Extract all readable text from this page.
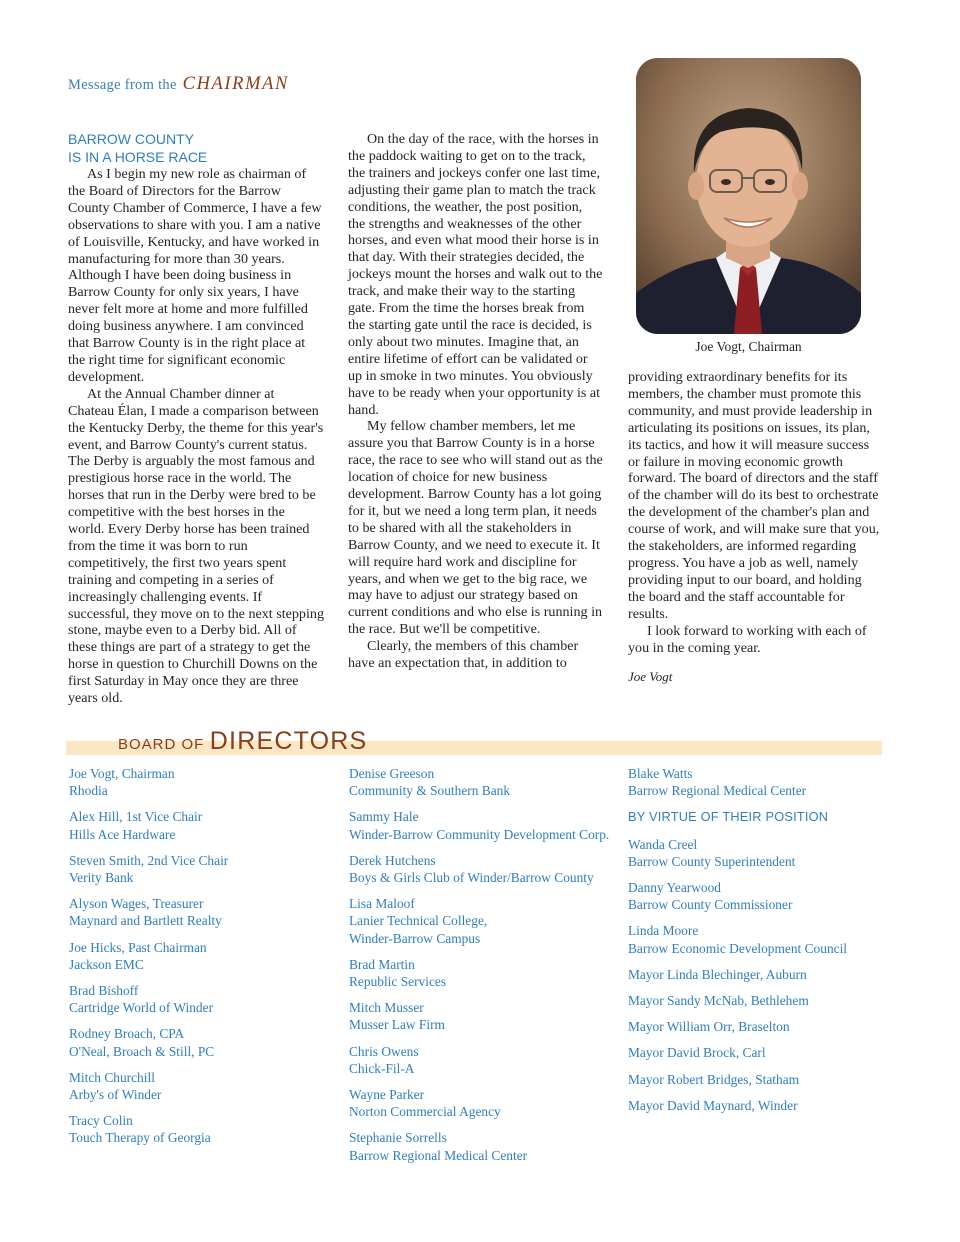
Message from the CHAIRMAN
BARROW COUNTY
IS IN A HORSE RACE

As I begin my new role as chairman of the Board of Directors for the Barrow County Chamber of Commerce, I have a few observations to share with you. I am a native of Louisville, Kentucky, and have worked in manufacturing for more than 30 years. Although I have been doing business in Barrow County for only six years, I have never felt more at home and more fulfilled doing business anywhere. I am convinced that Barrow County is in the right place at the right time for significant economic development.

At the Annual Chamber dinner at Chateau Élan, I made a comparison between the Kentucky Derby, the theme for this year's event, and Barrow County's current status. The Derby is arguably the most famous and prestigious horse race in the world. The horses that run in the Derby were bred to be competitive with the best horses in the world. Every Derby horse has been trained from the time it was born to run competitively, the first two years spent training and competing in a series of increasingly challenging events. If successful, they move on to the next stepping stone, maybe even to a Derby bid. All of these things are part of a strategy to get the horse in question to Churchill Downs on the first Saturday in May once they are three years old.

On the day of the race, with the horses in the paddock waiting to get on to the track, the trainers and jockeys confer one last time, adjusting their game plan to match the track conditions, the weather, the post position, the strengths and weaknesses of the other horses, and even what mood their horse is in that day. With their strategies decided, the jockeys mount the horses and walk out to the track, and make their way to the starting gate. From the time the horses break from the starting gate until the race is decided, is only about two minutes. Imagine that, an entire lifetime of effort can be validated or up in smoke in two minutes. You obviously have to be ready when your opportunity is at hand.

My fellow chamber members, let me assure you that Barrow County is in a horse race, the race to see who will stand out as the location of choice for new business development. Barrow County has a lot going for it, but we need a long term plan, it needs to be shared with all the stakeholders in Barrow County, and we need to execute it. It will require hard work and discipline for years, and when we get to the big race, we may have to adjust our strategy based on current conditions and who else is running in the race. But we'll be competitive.

Clearly, the members of this chamber have an expectation that, in addition to

Joe Vogt, Chairman

providing extraordinary benefits for its members, the chamber must promote this community, and must provide leadership in articulating its positions on issues, its plan, its tactics, and how it will measure success or failure in moving economic growth forward. The board of directors and the staff of the chamber will do its best to orchestrate the development of the chamber's plan and course of work, and will make sure that you, the stakeholders, are informed regarding progress. You have a job as well, namely providing input to our board, and holding the board and the staff accountable for results.

I look forward to working with each of you in the coming year.

Joe Vogt
BOARD OF DIRECTORS
Joe Vogt, Chairman
Rhodia
Alex Hill, 1st Vice Chair
Hills Ace Hardware
Steven Smith, 2nd Vice Chair
Verity Bank
Alyson Wages, Treasurer
Maynard and Bartlett Realty
Joe Hicks, Past Chairman
Jackson EMC
Brad Bishoff
Cartridge World of Winder
Rodney Broach, CPA
O'Neal, Broach & Still, PC
Mitch Churchill
Arby's of Winder
Tracy Colin
Touch Therapy of Georgia
Denise Greeson
Community & Southern Bank
Sammy Hale
Winder-Barrow Community Development Corp.
Derek Hutchens
Boys & Girls Club of Winder/Barrow County
Lisa Maloof
Lanier Technical College,
Winder-Barrow Campus
Brad Martin
Republic Services
Mitch Musser
Musser Law Firm
Chris Owens
Chick-Fil-A
Wayne Parker
Norton Commercial Agency
Stephanie Sorrells
Barrow Regional Medical Center
Blake Watts
Barrow Regional Medical Center
BY VIRTUE OF THEIR POSITION
Wanda Creel
Barrow County Superintendent
Danny Yearwood
Barrow County Commissioner
Linda Moore
Barrow Economic Development Council
Mayor Linda Blechinger, Auburn
Mayor Sandy McNab, Bethlehem
Mayor William Orr, Braselton
Mayor David Brock, Carl
Mayor Robert Bridges, Statham
Mayor David Maynard, Winder
